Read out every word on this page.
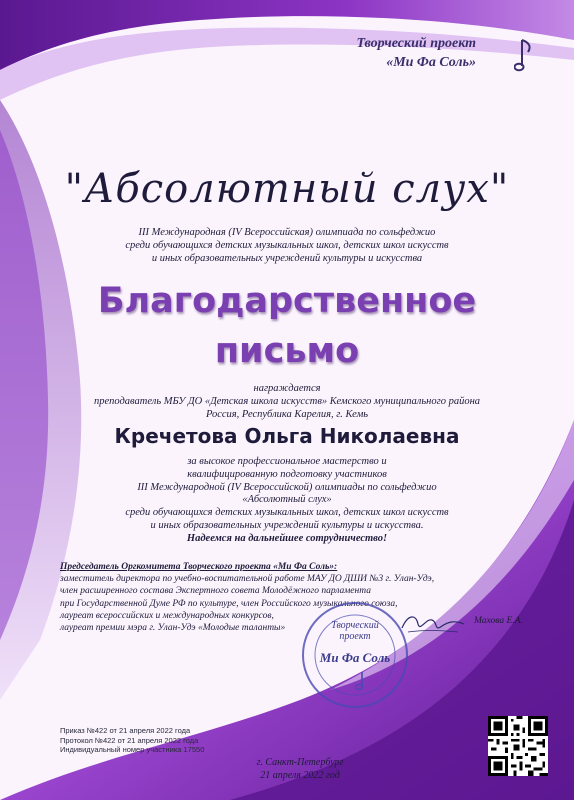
Творческий проект
«Ми Фа Соль»
"Абсолютный слух"
III Международная (IV Всероссийская) олимпиада по сольфеджио
среди обучающихся детских музыкальных школ, детских школ искусств
и иных образовательных учреждений культуры и искусства
Благодарственное
письмо
награждается
преподаватель МБУ ДО «Детская школа искусств» Кемского муниципального района
Россия, Республика Карелия, г. Кемь
Кречетова Ольга Николаевна
за высокое профессиональное мастерство и
квалифицированную подготовку участников
III Международной (IV Всероссийской) олимпиады по сольфеджио
«Абсолютный слух»
среди обучающихся детских музыкальных школ, детских школ искусств
и иных образовательных учреждений культуры и искусства.
Надеемся на дальнейшее сотрудничество!
Председатель Оргкомитета Творческого проекта «Ми Фа Соль»:
заместитель директора по учебно-воспитательной работе МАУ ДО ДШИ №3 г. Улан-Удэ,
член расширенного состава Экспертного совета Молодёжного парламента
при Государственной Думе РФ по культуре, член Российского музыкального союза,
лауреат всероссийских и международных конкурсов,
лауреат премии мэра г. Улан-Удэ «Молодые таланты»	Творческий
проект
Ми Фа Соль
Махова Е.А.
Приказ №422 от 21 апреля 2022 года
Протокол №422 от 21 апреля 2022 года
Индивидуальный номер участника 17550
г. Санкт-Петербург
21 апреля 2022 год
